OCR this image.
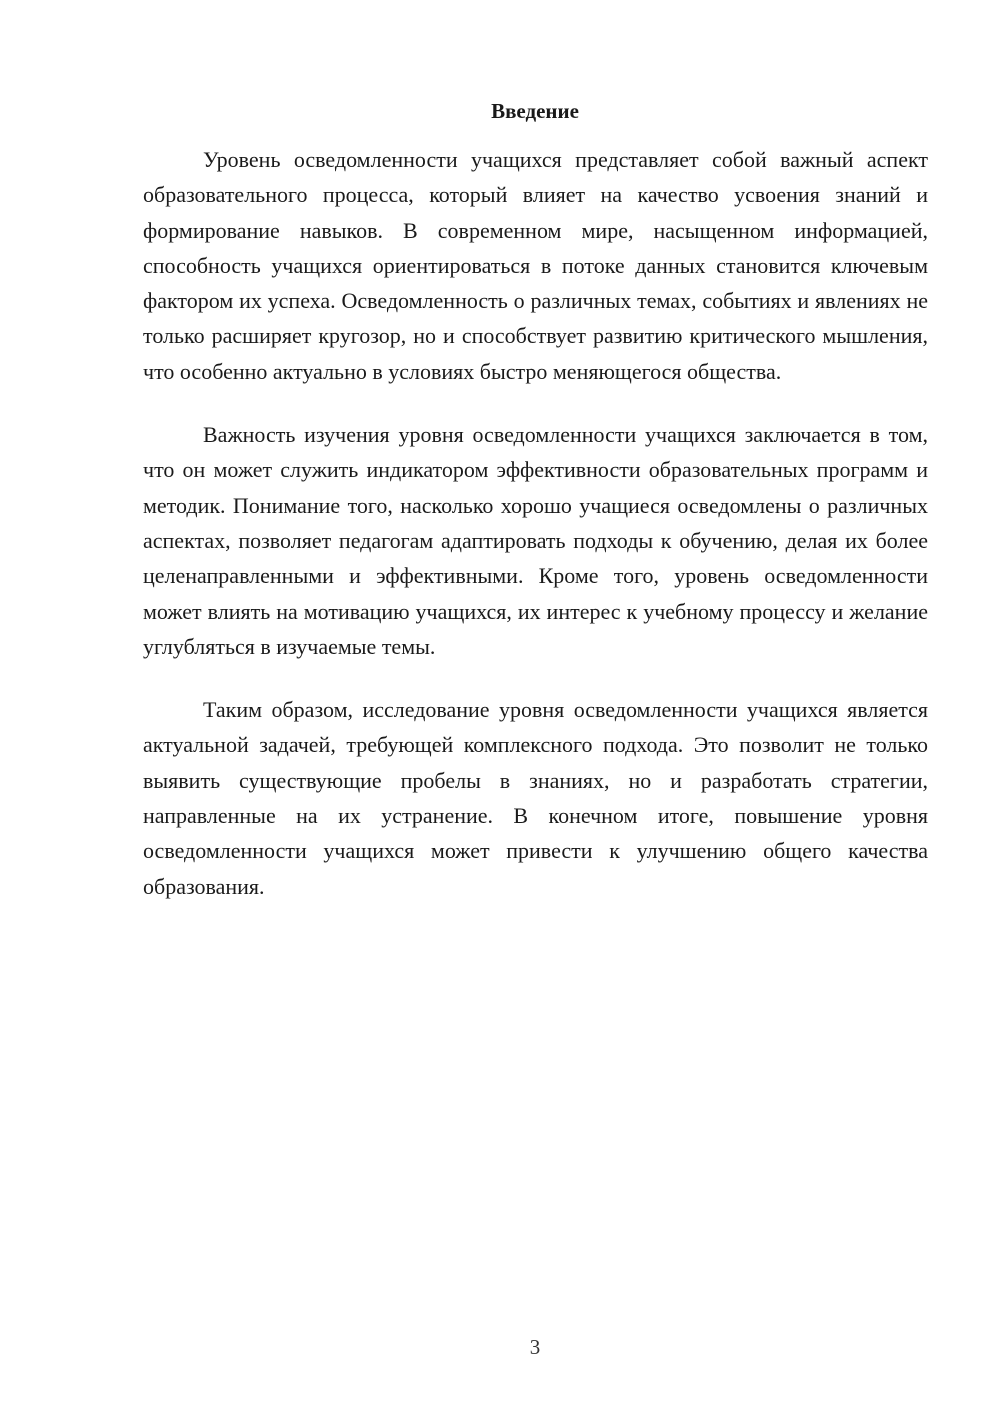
Введение

Уровень осведомленности учащихся представляет собой важный аспект образовательного процесса, который влияет на качество усвоения знаний и формирование навыков. В современном мире, насыщенном информацией, способность учащихся ориентироваться в потоке данных становится ключевым фактором их успеха. Осведомленность о различных темах, событиях и явлениях не только расширяет кругозор, но и способствует развитию критического мышления, что особенно актуально в условиях быстро меняющегося общества.

Важность изучения уровня осведомленности учащихся заключается в том, что он может служить индикатором эффективности образовательных программ и методик. Понимание того, насколько хорошо учащиеся осведомлены о различных аспектах, позволяет педагогам адаптировать подходы к обучению, делая их более целенаправленными и эффективными. Кроме того, уровень осведомленности может влиять на мотивацию учащихся, их интерес к учебному процессу и желание углубляться в изучаемые темы.

Таким образом, исследование уровня осведомленности учащихся является актуальной задачей, требующей комплексного подхода. Это позволит не только выявить существующие пробелы в знаниях, но и разработать стратегии, направленные на их устранение. В конечном итоге, повышение уровня осведомленности учащихся может привести к улучшению общего качества образования.

3
